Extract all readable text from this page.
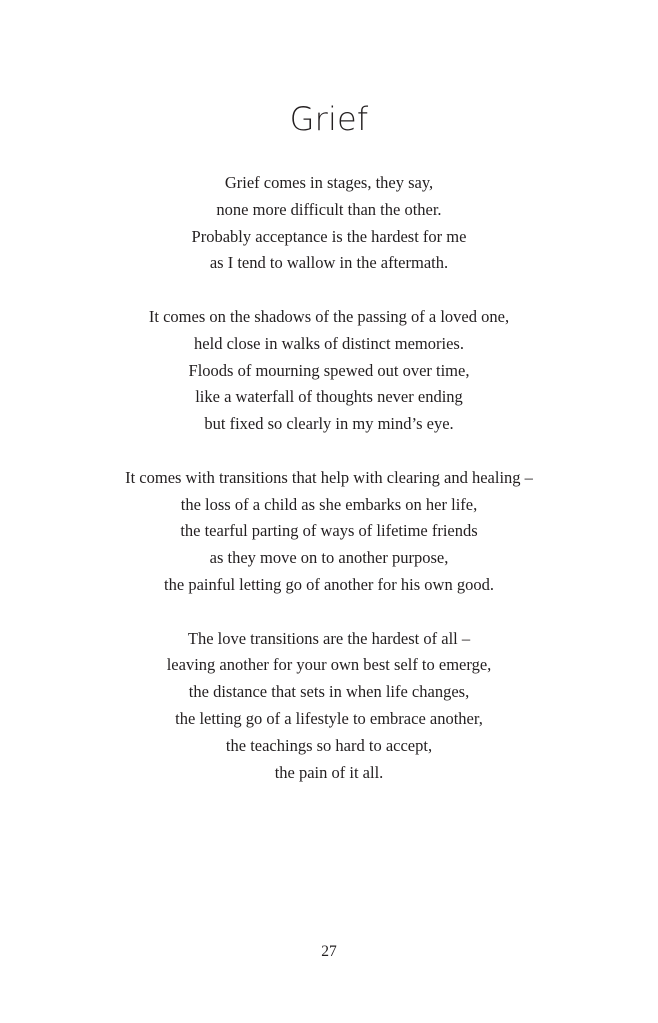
Grief
Grief comes in stages, they say,
none more difficult than the other.
Probably acceptance is the hardest for me
as I tend to wallow in the aftermath.
It comes on the shadows of the passing of a loved one,
held close in walks of distinct memories.
Floods of mourning spewed out over time,
like a waterfall of thoughts never ending
but fixed so clearly in my mind’s eye.
It comes with transitions that help with clearing and healing –
the loss of a child as she embarks on her life,
the tearful parting of ways of lifetime friends
as they move on to another purpose,
the painful letting go of another for his own good.
The love transitions are the hardest of all –
leaving another for your own best self to emerge,
the distance that sets in when life changes,
the letting go of a lifestyle to embrace another,
the teachings so hard to accept,
the pain of it all.
27
